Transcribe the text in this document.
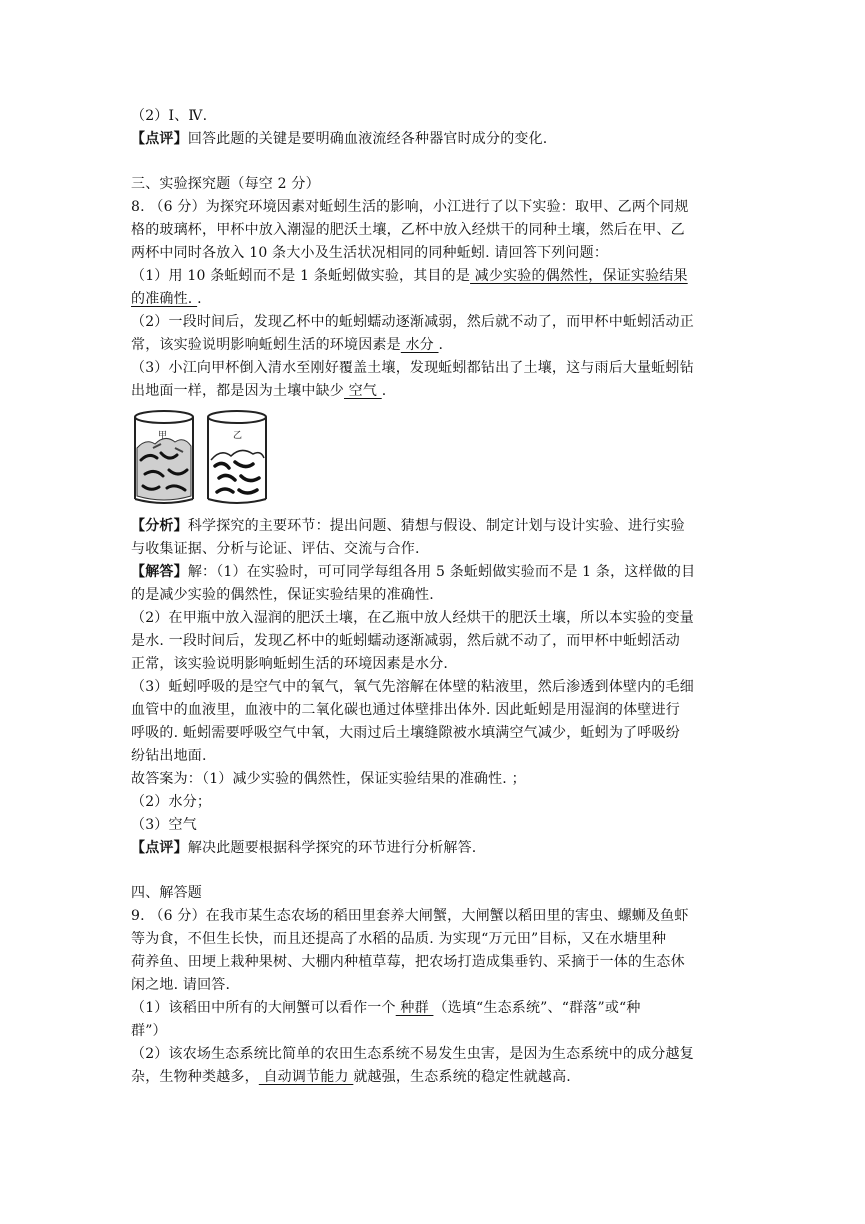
（2）Ⅰ、Ⅳ.
【点评】回答此题的关键是要明确血液流经各种器官时成分的变化.
三、实验探究题（每空 2 分）
8. （6 分）为探究环境因素对蚯蚓生活的影响，小江进行了以下实验：取甲、乙两个同规
格的玻璃杯，甲杯中放入潮湿的肥沃土壤，乙杯中放入经烘干的同种土壤，然后在甲、乙
两杯中同时各放入 10 条大小及生活状况相同的同种蚯蚓. 请回答下列问题：
（1）用 10 条蚯蚓而不是 1 条蚯蚓做实验，其目的是 减少实验的偶然性，保证实验结果
的准确性. .
（2）一段时间后，发现乙杯中的蚯蚓蠕动逐渐减弱，然后就不动了，而甲杯中蚯蚓活动正
常，该实验说明影响蚯蚓生活的环境因素是 水分 .
（3）小江向甲杯倒入清水至刚好覆盖土壤，发现蚯蚓都钻出了土壤，这与雨后大量蚯蚓钻
出地面一样，都是因为土壤中缺少 空气 .
甲	乙
【分析】科学探究的主要环节：提出问题、猜想与假设、制定计划与设计实验、进行实验
与收集证据、分析与论证、评估、交流与合作.
【解答】解：（1）在实验时，可可同学每组各用 5 条蚯蚓做实验而不是 1 条，这样做的目
的是减少实验的偶然性，保证实验结果的准确性.
（2）在甲瓶中放入湿润的肥沃土壤，在乙瓶中放人经烘干的肥沃土壤，所以本实验的变量
是水. 一段时间后，发现乙杯中的蚯蚓蠕动逐渐减弱，然后就不动了，而甲杯中蚯蚓活动
正常，该实验说明影响蚯蚓生活的环境因素是水分.
（3）蚯蚓呼吸的是空气中的氧气，氧气先溶解在体壁的粘液里，然后渗透到体壁内的毛细
血管中的血液里，血液中的二氧化碳也通过体壁排出体外. 因此蚯蚓是用湿润的体壁进行
呼吸的. 蚯蚓需要呼吸空气中氧，大雨过后土壤缝隙被水填满空气减少，蚯蚓为了呼吸纷
纷钻出地面.
故答案为：（1）减少实验的偶然性，保证实验结果的准确性. ；
（2）水分；
（3）空气
【点评】解决此题要根据科学探究的环节进行分析解答.
四、解答题
9. （6 分）在我市某生态农场的稻田里套养大闸蟹，大闸蟹以稻田里的害虫、螺蛳及鱼虾
等为食，不但生长快，而且还提高了水稻的品质. 为实现“万元田”目标，又在水塘里种
荷养鱼、田埂上栽种果树、大棚内种植草莓，把农场打造成集垂钓、采摘于一体的生态休
闲之地. 请回答.
（1）该稻田中所有的大闸蟹可以看作一个 种群 （选填“生态系统”、“群落”或“种
群”）
（2）该农场生态系统比简单的农田生态系统不易发生虫害，是因为生态系统中的成分越复
杂，生物种类越多， 自动调节能力 就越强，生态系统的稳定性就越高.
